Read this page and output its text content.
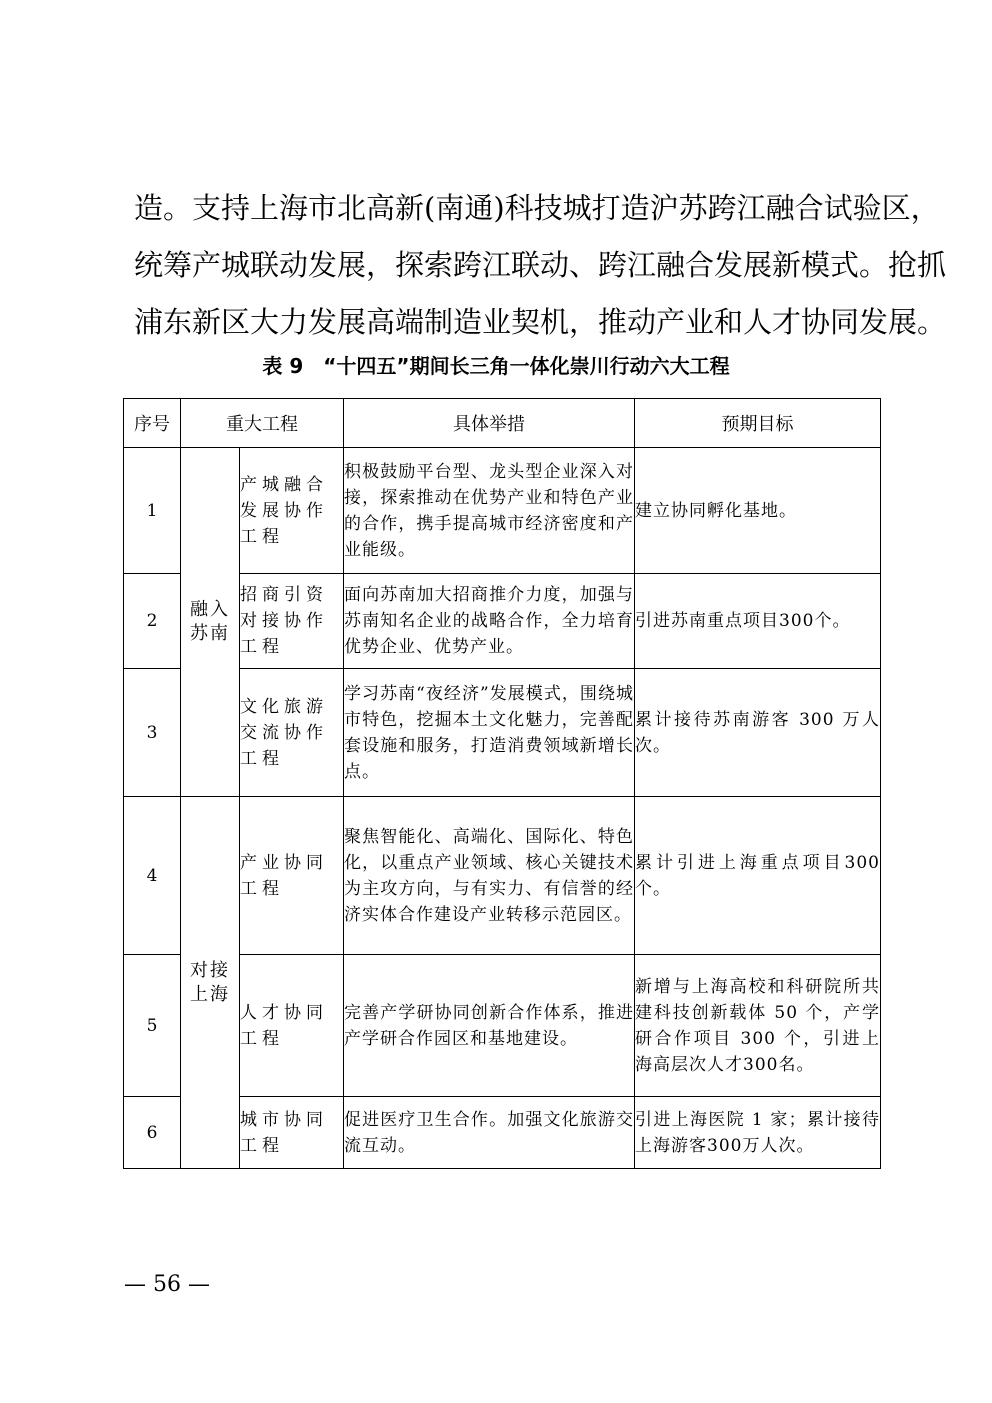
造。支持上海市北高新(南通)科技城打造沪苏跨江融合试验区，

统筹产城联动发展，探索跨江联动、跨江融合发展新模式。抢抓

浦东新区大力发展高端制造业契机，推动产业和人才协同发展。

表 9　“十四五”期间长三角一体化崇川行动六大工程
序号	重大工程		具体举措	预期目标
1	融入苏南	产城融合发展协作工程	积极鼓励平台型、龙头型企业深入对接，探索推动在优势产业和特色产业的合作，携手提高城市经济密度和产业能级。	建立协同孵化基地。
2		招商引资对接协作工程	面向苏南加大招商推介力度，加强与苏南知名企业的战略合作，全力培育优势企业、优势产业。	引进苏南重点项目300个。
3		文化旅游交流协作工程	学习苏南“夜经济”发展模式，围绕城市特色，挖掘本土文化魅力，完善配套设施和服务，打造消费领域新增长点。	累计接待苏南游客 300 万人次。
4	对接上海	产业协同工程	聚焦智能化、高端化、国际化、特色化，以重点产业领域、核心关键技术为主攻方向，与有实力、有信誉的经济实体合作建设产业转移示范园区。	累计引进上海重点项目300个。
5		人才协同工程	完善产学研协同创新合作体系，推进产学研合作园区和基地建设。	新增与上海高校和科研院所共建科技创新载体 50 个，产学研合作项目 300 个，引进上海高层次人才300名。
6		城市协同工程	促进医疗卫生合作。加强文化旅游交流互动。	引进上海医院 1 家；累计接待上海游客300万人次。
— 56 —
